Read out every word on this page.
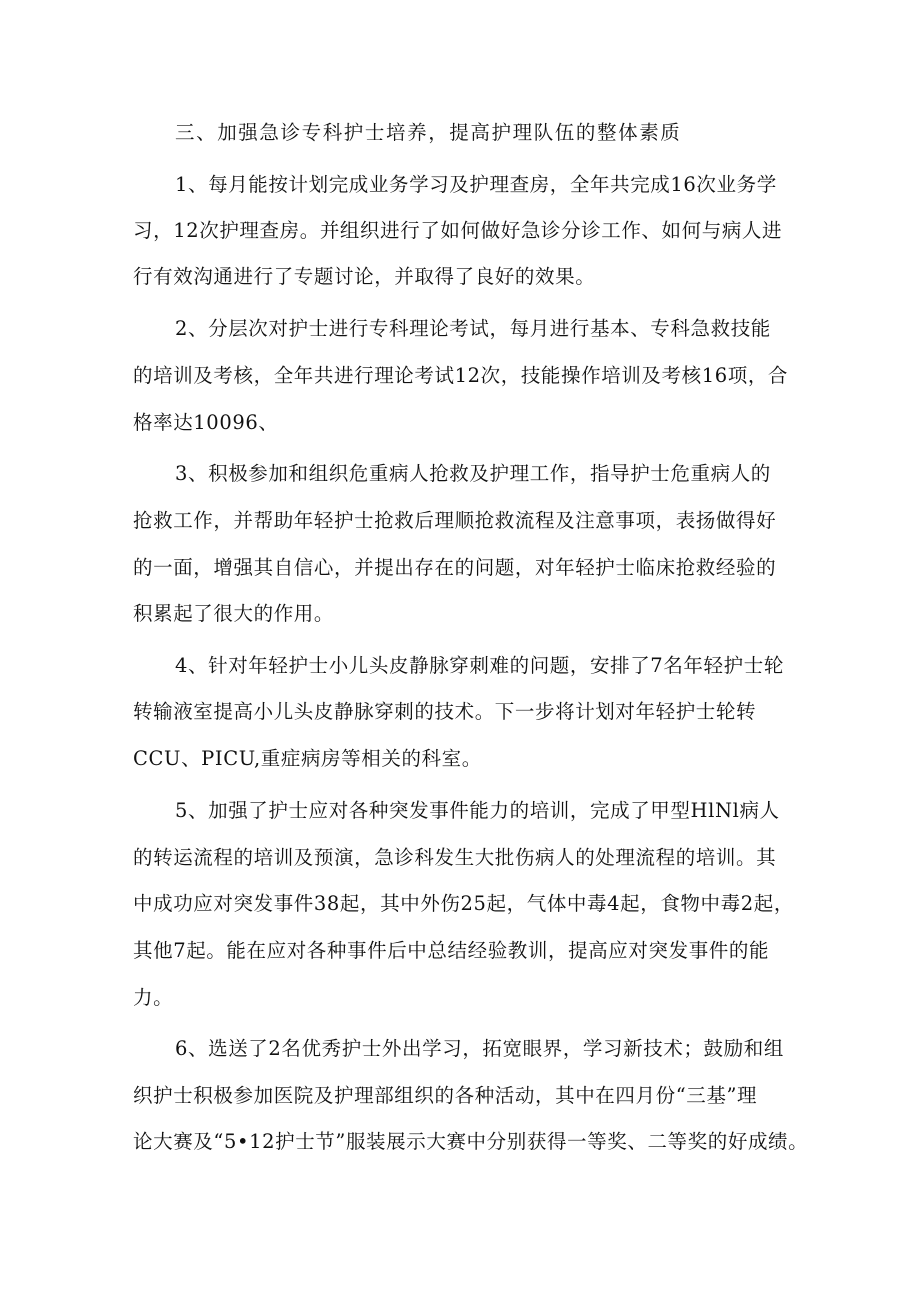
三、加强急诊专科护士培养，提高护理队伍的整体素质
1、每月能按计划完成业务学习及护理查房，全年共完成16次业务学
习，12次护理查房。并组织进行了如何做好急诊分诊工作、如何与病人进
行有效沟通进行了专题讨论，并取得了良好的效果。
2、分层次对护士进行专科理论考试，每月进行基本、专科急救技能
的培训及考核，全年共进行理论考试12次，技能操作培训及考核16项，合
格率达10096、
3、积极参加和组织危重病人抢救及护理工作，指导护士危重病人的
抢救工作，并帮助年轻护士抢救后理顺抢救流程及注意事项，表扬做得好
的一面，增强其自信心，并提出存在的问题，对年轻护士临床抢救经验的
积累起了很大的作用。
4、针对年轻护士小儿头皮静脉穿刺难的问题，安排了7名年轻护士轮
转输液室提高小儿头皮静脉穿刺的技术。下一步将计划对年轻护士轮转
CCU、PICU,重症病房等相关的科室。
5、加强了护士应对各种突发事件能力的培训，完成了甲型HlNl病人
的转运流程的培训及预演，急诊科发生大批伤病人的处理流程的培训。其
中成功应对突发事件38起，其中外伤25起，气体中毒4起，食物中毒2起，
其他7起。能在应对各种事件后中总结经验教训，提高应对突发事件的能
力。
6、选送了2名优秀护士外出学习，拓宽眼界，学习新技术；鼓励和组
织护士积极参加医院及护理部组织的各种活动，其中在四月份“三基”理
论大赛及“5•12护士节”服装展示大赛中分别获得一等奖、二等奖的好成绩。
